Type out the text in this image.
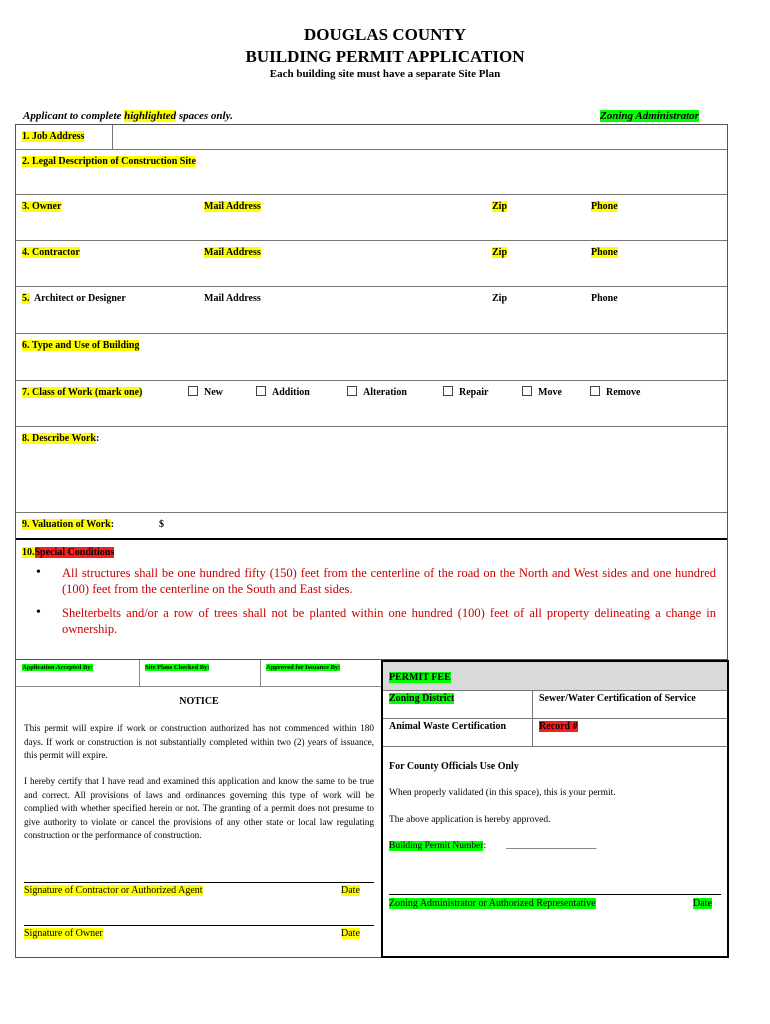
DOUGLAS COUNTY
BUILDING PERMIT APPLICATION
Each building site must have a separate Site Plan
Applicant to complete highlighted spaces only.	Zoning Administrator
1. Job Address
2. Legal Description of Construction Site
3. Owner	Mail Address	Zip	Phone
4. Contractor	Mail Address	Zip	Phone
5.  Architect or Designer	Mail Address	Zip	Phone
6. Type and Use of Building
7. Class of Work (mark one)	New	Addition	Alteration	Repair	Move	Remove
8. Describe Work:
9. Valuation of Work:	$
10.Special Conditions
• All structures shall be one hundred fifty (150) feet from the centerline of the road on the North and West sides and one hundred (100) feet from the centerline on the South and East sides.
• Shelterbelts and/or a row of trees shall not be planted within one hundred (100) feet of all property delineating a change in ownership.
Application Accepted By:	Site Plans Checked By:	Approved for Issuance By:
NOTICE
This permit will expire if work or construction authorized has not commenced within 180 days. If work or construction is not substantially completed within two (2) years of issuance, this permit will expire.
I hereby certify that I have read and examined this application and know the same to be true and correct. All provisions of laws and ordinances governing this type of work will be complied with whether specified herein or not. The granting of a permit does not presume to give authority to violate or cancel the provisions of any other state or local law regulating construction or the performance of construction.
Signature of Contractor or Authorized Agent	Date
Signature of Owner	Date
PERMIT FEE
Zoning District	Sewer/Water Certification of Service
Animal Waste Certification	Record #
For County Officials Use Only
When properly validated (in this space), this is your permit.
The above application is hereby approved.
Building Permit Number: ___________________
Zoning Administrator or Authorized Representative	Date
